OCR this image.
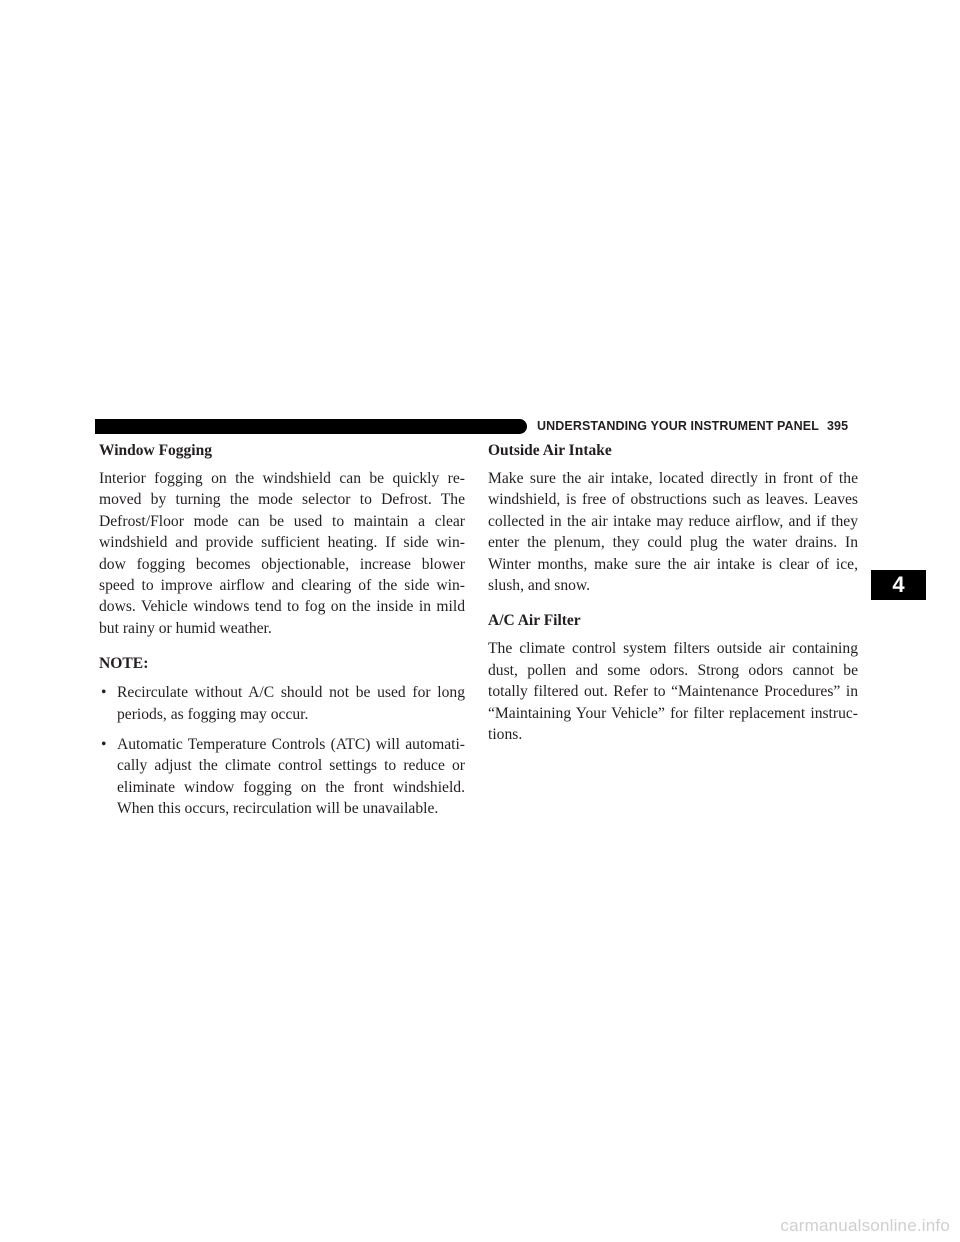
UNDERSTANDING YOUR INSTRUMENT PANEL 395
Window Fogging

Interior fogging on the windshield can be quickly re- moved by turning the mode selector to Defrost. The Defrost/Floor mode can be used to maintain a clear windshield and provide sufficient heating. If side win- dow fogging becomes objectionable, increase blower speed to improve airflow and clearing of the side win- dows. Vehicle windows tend to fog on the inside in mild but rainy or humid weather.

NOTE:
• Recirculate without A/C should not be used for long periods, as fogging may occur.
• Automatic Temperature Controls (ATC) will automati- cally adjust the climate control settings to reduce or eliminate window fogging on the front windshield. When this occurs, recirculation will be unavailable.
Outside Air Intake

Make sure the air intake, located directly in front of the windshield, is free of obstructions such as leaves. Leaves collected in the air intake may reduce airflow, and if they enter the plenum, they could plug the water drains. In Winter months, make sure the air intake is clear of ice, slush, and snow.

A/C Air Filter

The climate control system filters outside air containing dust, pollen and some odors. Strong odors cannot be totally filtered out. Refer to “Maintenance Procedures” in “Maintaining Your Vehicle” for filter replacement instruc- tions.

4
carmanualsonline.info
